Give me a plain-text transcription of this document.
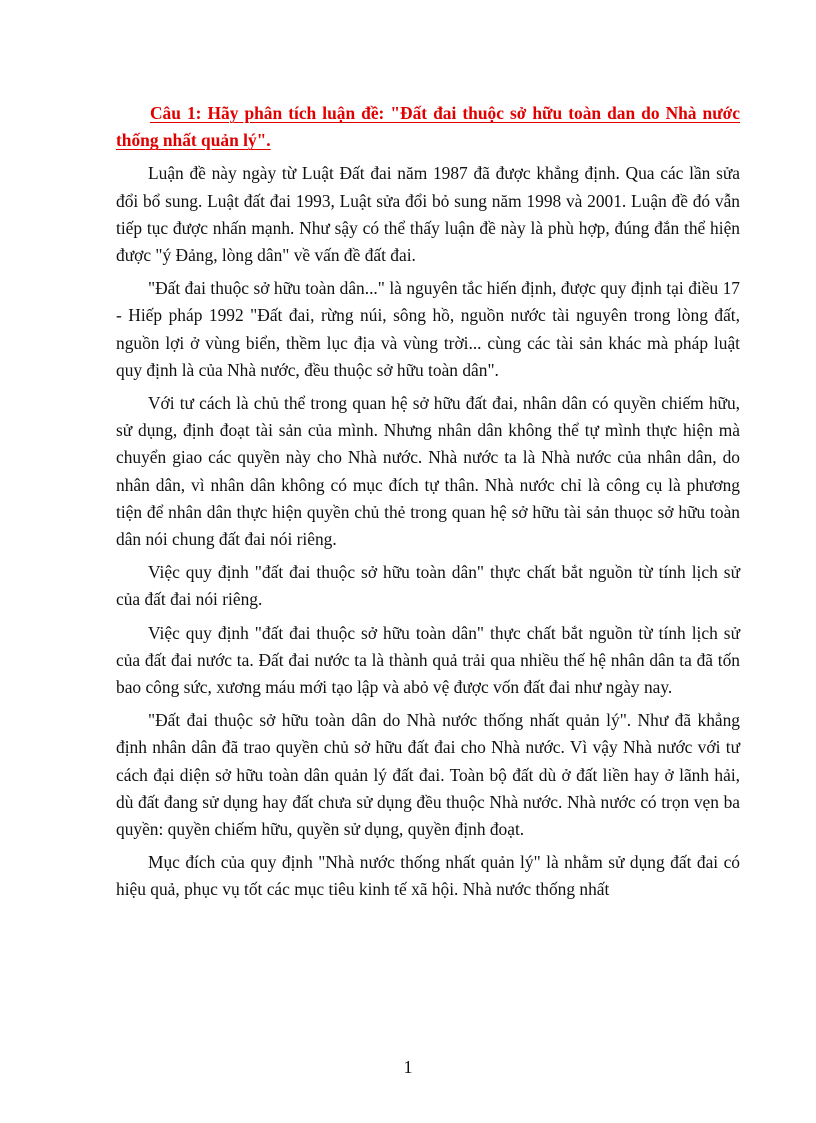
Câu 1: Hãy phân tích luận đề: "Đất đai thuộc sở hữu toàn dan do Nhà nước thống nhất quản lý".

Luận đề này ngày từ Luật Đất đai năm 1987 đã được khẳng định. Qua các lần sửa đổi bổ sung. Luật đất đai 1993, Luật sửa đổi bỏ sung năm 1998 và 2001. Luận đề đó vẫn tiếp tục được nhấn mạnh. Như sậy có thể thấy luận đề này là phù hợp, đúng đắn thể hiện được "ý Đảng, lòng dân" về vấn đề đất đai.

"Đất đai thuộc sở hữu toàn dân..." là nguyên tắc hiến định, được quy định tại điều 17 - Hiếp pháp 1992 "Đất đai, rừng núi, sông hồ, nguồn nước tài nguyên trong lòng đất, nguồn lợi ở vùng biển, thềm lục địa và vùng trời... cùng các tài sản khác mà pháp luật quy định là của Nhà nước, đều thuộc sở hữu toàn dân".

Với tư cách là chủ thể trong quan hệ sở hữu đất đai, nhân dân có quyền chiếm hữu, sử dụng, định đoạt tài sản của mình. Nhưng nhân dân không thể tự mình thực hiện mà chuyển giao các quyền này cho Nhà nước. Nhà nước ta là Nhà nước của nhân dân, do nhân dân, vì nhân dân không có mục đích tự thân. Nhà nước chỉ là công cụ là phương tiện để nhân dân thực hiện quyền chủ thẻ trong quan hệ sở hữu tài sản thuọc sở hữu toàn dân nói chung đất đai nói riêng.

Việc quy định "đất đai thuộc sở hữu toàn dân" thực chất bắt nguồn từ tính lịch sử của đất đai nói riêng.

Việc quy định "đất đai thuộc sở hữu toàn dân" thực chất bắt nguồn từ tính lịch sử của đất đai nước ta. Đất đai nước ta là thành quả trải qua nhiều thế hệ nhân dân ta đã tốn bao công sức, xương máu mới tạo lập và abỏ vệ được vốn đất đai như ngày nay.

"Đất đai thuộc sở hữu toàn dân do Nhà nước thống nhất quản lý". Như đã khẳng định nhân dân đã trao quyền chủ sở hữu đất đai cho Nhà nước. Vì vậy Nhà nước với tư cách đại diện sở hữu toàn dân quản lý đất đai. Toàn bộ đất dù ở đất liền hay ở lãnh hải, dù đất đang sử dụng hay đất chưa sử dụng đều thuộc Nhà nước. Nhà nước có trọn vẹn ba quyền: quyền chiếm hữu, quyền sử dụng, quyền định đoạt.

Mục đích của quy định "Nhà nước thống nhất quản lý" là nhằm sử dụng đất đai có hiệu quả, phục vụ tốt các mục tiêu kinh tế xã hội. Nhà nước thống nhất

1
